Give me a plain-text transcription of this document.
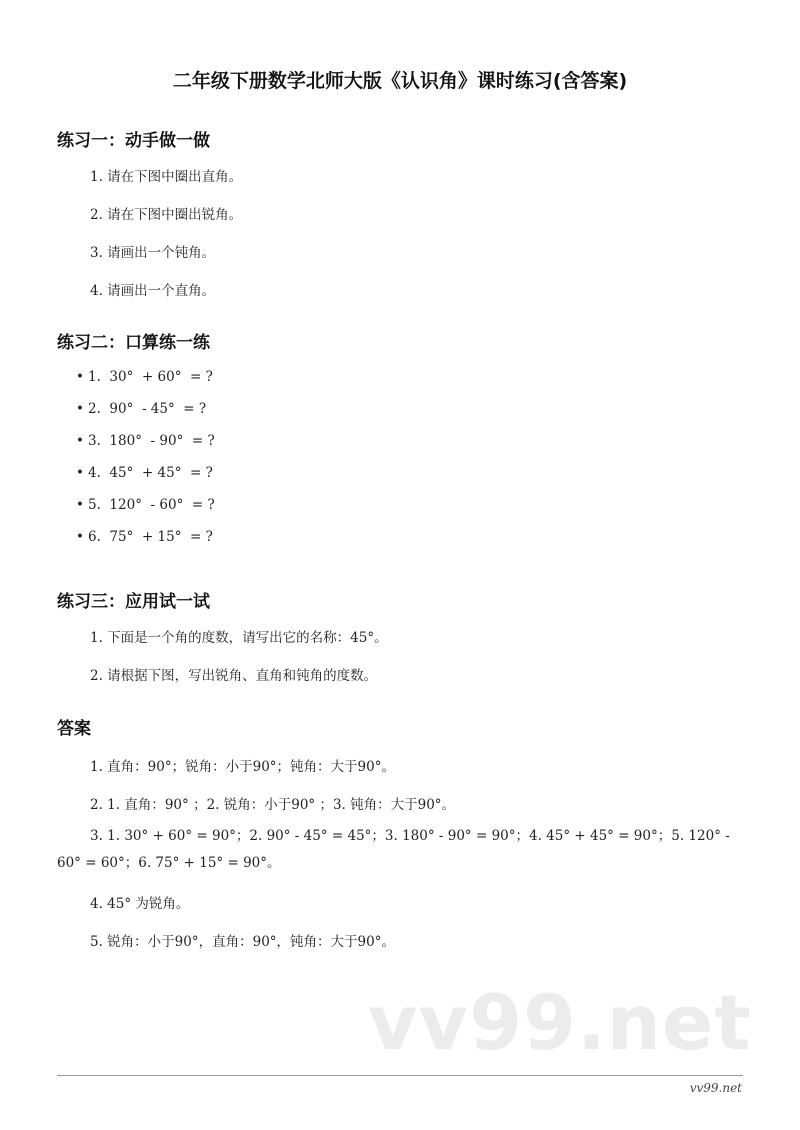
二年级下册数学北师大版《认识角》课时练习(含答案)
练习一：动手做一做
1. 请在下图中圈出直角。
2. 请在下图中圈出锐角。
3. 请画出一个钝角。
4. 请画出一个直角。
练习二：口算练一练
• 1.  30°  + 60°  = ?
• 2.  90°  - 45°  = ?
• 3.  180°  - 90°  = ?
• 4.  45°  + 45°  = ?
• 5.  120°  - 60°  = ?
• 6.  75°  + 15°  = ?
练习三：应用试一试
1. 下面是一个角的度数，请写出它的名称：45°。
2. 请根据下图，写出锐角、直角和钝角的度数。
答案
1. 直角：90°；锐角：小于90°；钝角：大于90°。
2. 1. 直角：90° ；2. 锐角：小于90° ；3. 钝角：大于90°。
3. 1. 30° + 60° = 90°；2. 90° - 45° = 45°；3. 180° - 90° = 90°；4. 45° + 45° = 90°；5. 120° - 60° = 60°；6. 75° + 15° = 90°。
4. 45° 为锐角。
5. 锐角：小于90°，直角：90°，钝角：大于90°。
vv99.net
vv99.net
